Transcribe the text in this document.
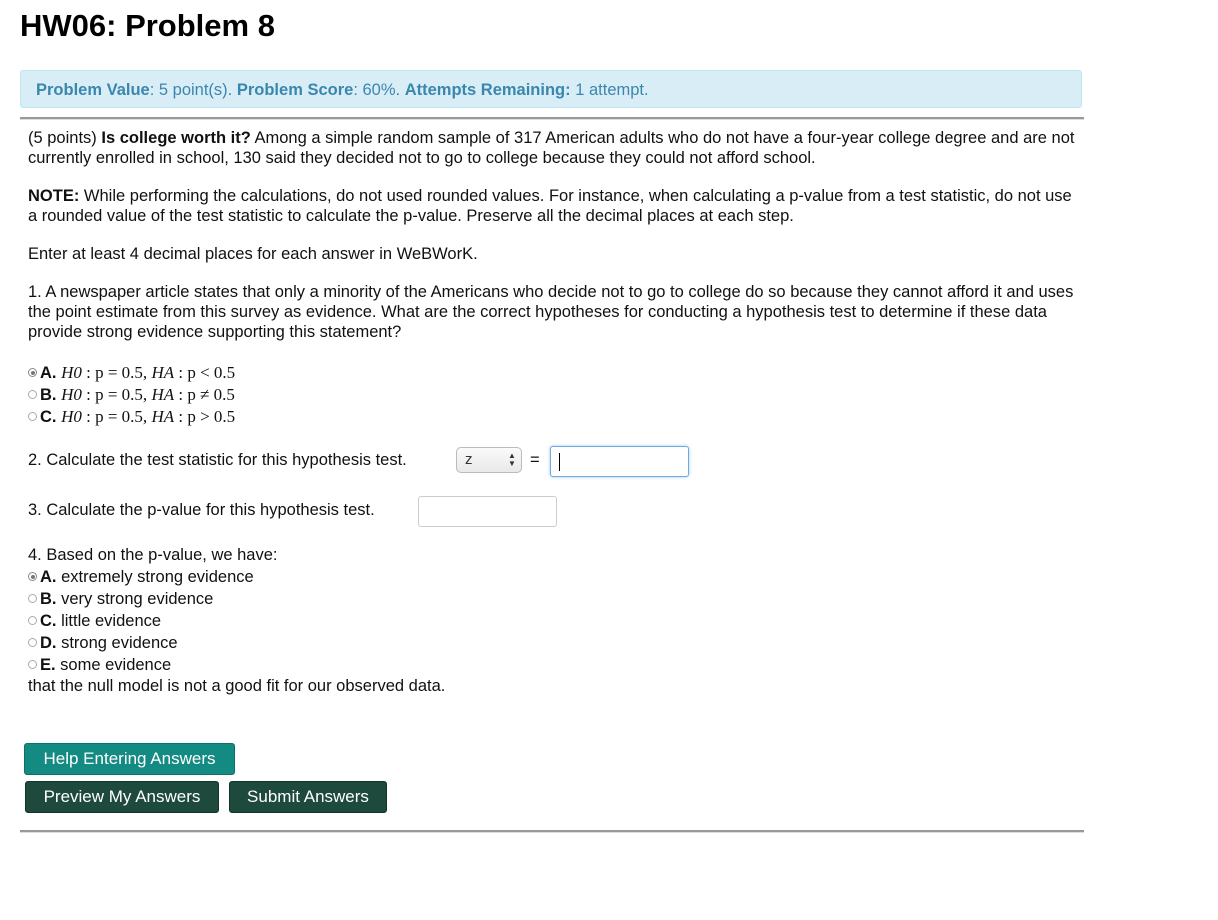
HW06: Problem 8
Problem Value: 5 point(s). Problem Score: 60%. Attempts Remaining: 1 attempt.

(5 points) Is college worth it? Among a simple random sample of 317 American adults who do not have a four-year college degree and are not currently enrolled in school, 130 said they decided not to go to college because they could not afford school.

NOTE: While performing the calculations, do not used rounded values. For instance, when calculating a p-value from a test statistic, do not use a rounded value of the test statistic to calculate the p-value. Preserve all the decimal places at each step.

Enter at least 4 decimal places for each answer in WeBWorK.

1. A newspaper article states that only a minority of the Americans who decide not to go to college do so because they cannot afford it and uses the point estimate from this survey as evidence. What are the correct hypotheses for conducting a hypothesis test to determine if these data provide strong evidence supporting this statement?

A. H0 : p = 0.5, HA : p < 0.5
B. H0 : p = 0.5, HA : p ≠ 0.5
C. H0 : p = 0.5, HA : p > 0.5
2. Calculate the test statistic for this hypothesis test.	z	▲
▼ =
3. Calculate the p-value for this hypothesis test.
4. Based on the p-value, we have:
A. extremely strong evidence
B. very strong evidence
C. little evidence
D. strong evidence
E. some evidence
that the null model is not a good fit for our observed data.
Help Entering Answers
Preview My Answers	Submit Answers
